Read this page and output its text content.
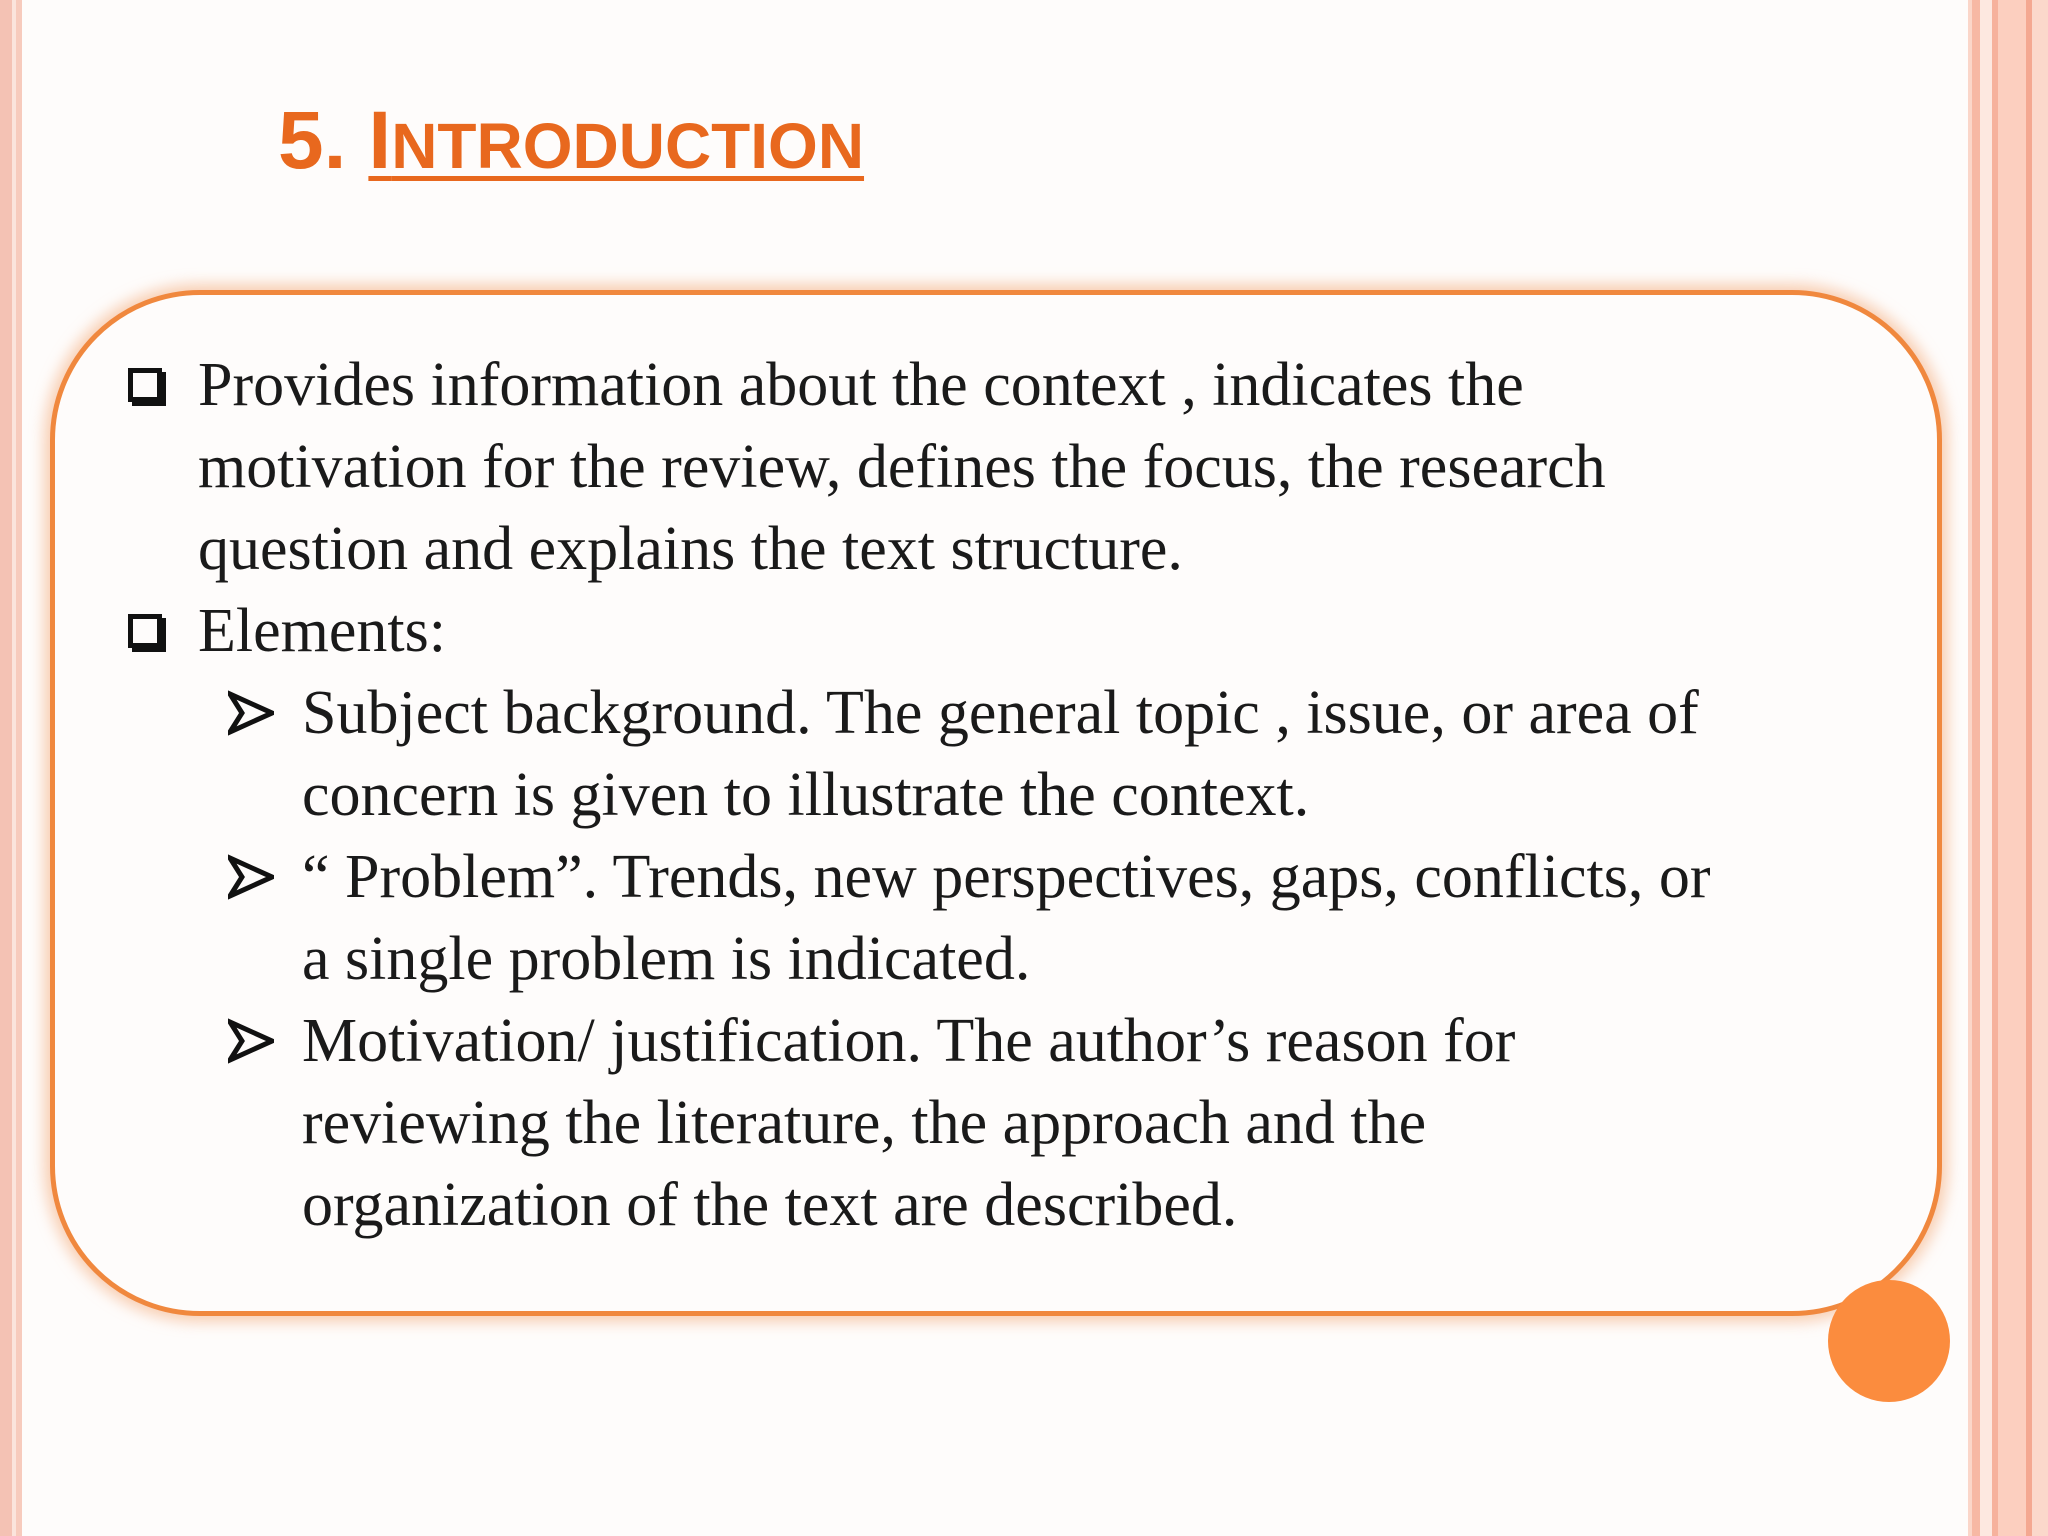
5. INTRODUCTION
Provides information about the context , indicates the
motivation for the review, defines the focus, the research
question and explains the text structure.
Elements:
Subject background. The general topic , issue, or area of
concern is given to illustrate the context.
“ Problem”. Trends, new perspectives, gaps, conflicts, or
a single problem is indicated.
Motivation/ justification. The author’s reason for
reviewing the literature, the approach and the
organization of the text are described.
